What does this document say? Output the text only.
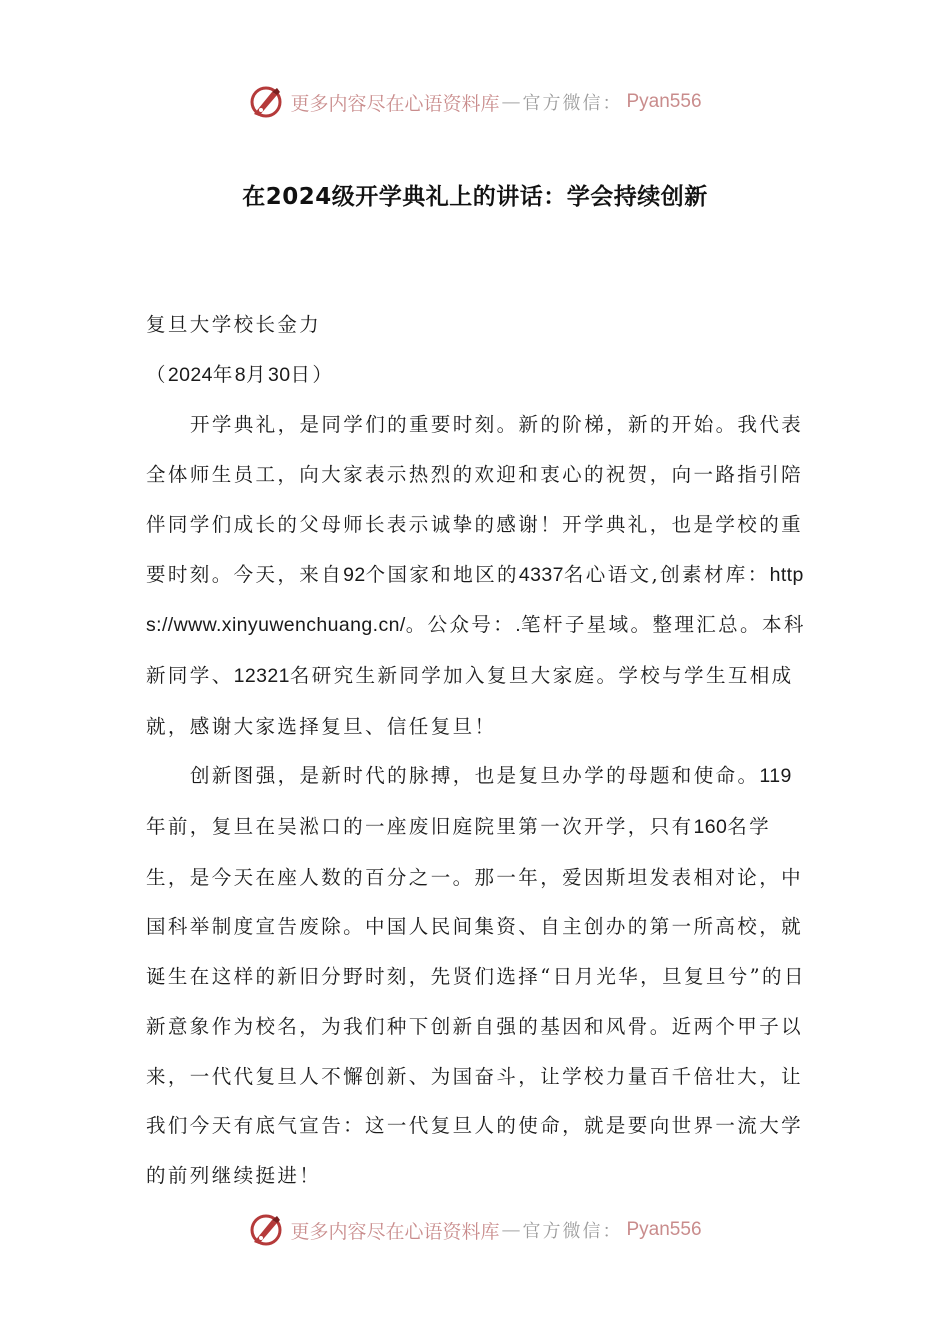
更多内容尽在心语资料库 — 官方微信： Pyan556
在2024级开学典礼上的讲话：学会持续创新

复旦大学校长金力

（2024年8月30日）

开学典礼，是同学们的重要时刻。新的阶梯，新的开始。我代表全体师生员工，向大家表示热烈的欢迎和衷心的祝贺，向一路指引陪伴同学们成长的父母师长表示诚挚的感谢！开学典礼，也是学校的重要时刻。今天，来自92个国家和地区的4337名心语文,创素材库：https://www.xinyuwenchuang.cn/。公众号：.笔杆子星域。整理汇总。本科新同学、12321名研究生新同学加入复旦大家庭。学校与学生互相成就，感谢大家选择复旦、信任复旦！

创新图强，是新时代的脉搏，也是复旦办学的母题和使命。119年前，复旦在吴淞口的一座废旧庭院里第一次开学，只有160名学生，是今天在座人数的百分之一。那一年，爱因斯坦发表相对论，中国科举制度宣告废除。中国人民间集资、自主创办的第一所高校，就诞生在这样的新旧分野时刻，先贤们选择“日月光华，旦复旦兮”的日新意象作为校名，为我们种下创新自强的基因和风骨。近两个甲子以来，一代代复旦人不懈创新、为国奋斗，让学校力量百千倍壮大，让我们今天有底气宣告：这一代复旦人的使命，就是要向世界一流大学的前列继续挺进！

更多内容尽在心语资料库 — 官方微信： Pyan556
